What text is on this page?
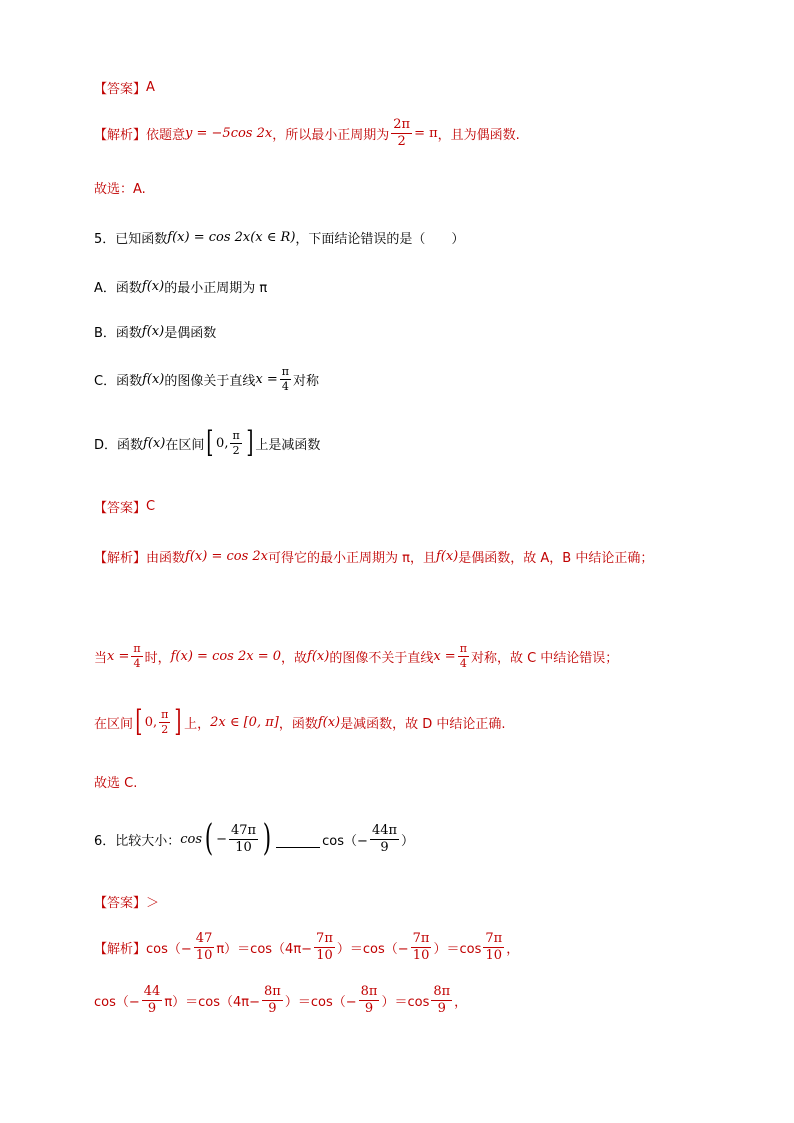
【答案】 A
【解析】 依题意 y = −5cos 2x ，所以最小正周期为 $\frac{2\pi}{2} = \pi$ ，且为偶函数.
故选：A.
5．已知函数 f(x) = cos 2x(x ∈ R) ，下面结论错误的是（　　）
A．函数 f(x) 的最小正周期为 π
B．函数 f(x) 是偶函数
C．函数 f(x) 的图像关于直线 $x = \frac{\pi}{4}$ 对称
D．函数 f(x) 在区间 [ 0, $\frac{\pi}{2}$ ] 上是减函数
【答案】 C
【解析】 由函数 f(x) = cos 2x 可得它的最小正周期为 π，且 f(x) 是偶函数，故 A，B 中结论正确；
当 $x = \frac{\pi}{4}$ 时， f(x) = cos 2x = 0 ，故 f(x) 的图像不关于直线 $x = \frac{\pi}{4}$ 对称，故 C 中结论错误；
在区间 [ 0, $\frac{\pi}{2}$ ] 上， 2x ∈ [0, π] ，函数 f(x) 是减函数，故 D 中结论正确.
故选 C.
6．比较大小： cos ( − $\frac{47\pi}{10}$ )	$\cos(- \frac{44\pi}{9}$ ）
【答案】 ＞
【解析】 $\cos(- \frac{47}{10} \pi)=\cos(4\pi- \frac{7\pi}{10} )=\cos(- \frac{7\pi}{10} )=\cos \frac{7\pi}{10}$ ，
$\cos(- \frac{44}{9} \pi)=\cos(4\pi- \frac{8\pi}{9} )=\cos(- \frac{8\pi}{9} )=\cos \frac{8\pi}{9}$ ，
